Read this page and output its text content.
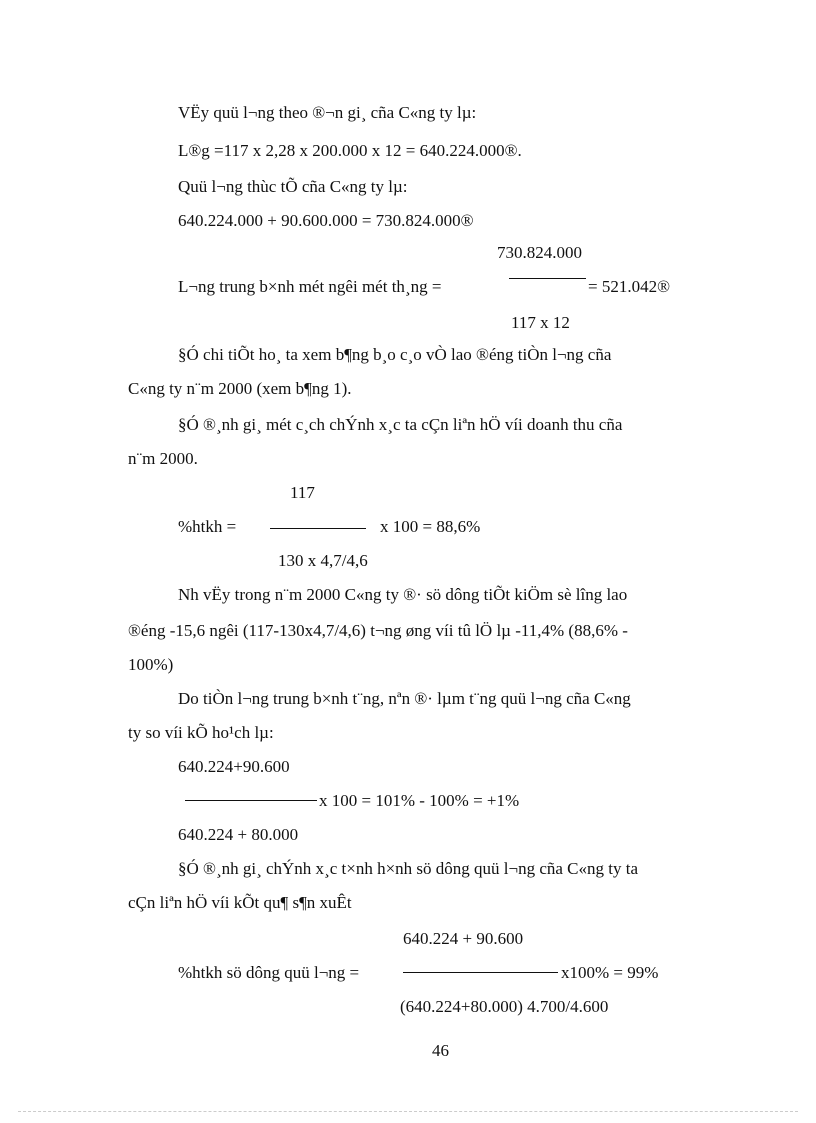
VËy quü l¬ng theo ®¬n gi¸ cña C«ng ty lµ:
L®g =117 x 2,28 x 200.000 x 12 = 640.224.000®.
Quü l¬ng thùc tÕ cña C«ng ty lµ:
640.224.000 + 90.600.000 = 730.824.000®
730.824.000
L¬ng trung b×nh mét ngêi mét th¸ng =	= 521.042®
117 x 12
§Ó chi tiÕt ho¸ ta xem b¶ng b¸o c¸o vÒ lao ®éng tiÒn l¬ng cña
C«ng ty n¨m 2000 (xem b¶ng 1).
§Ó ®¸nh gi¸ mét c¸ch chÝnh x¸c ta cÇn liªn hÖ víi doanh thu cña
n¨m 2000.
117
%htkh =	x 100 = 88,6%
130 x 4,7/4,6
Nh vËy trong n¨m 2000 C«ng ty ®· sö dông tiÕt kiÖm sè lîng lao
®éng -15,6 ngêi (117-130x4,7/4,6) t¬ng øng víi tû lÖ lµ -11,4% (88,6% -
100%)
Do tiÒn l¬ng trung b×nh t¨ng, nªn ®· lµm t¨ng quü l¬ng cña C«ng
ty so víi kÕ ho¹ch lµ:
640.224+90.600
x 100 = 101% - 100% = +1%
640.224 + 80.000
§Ó ®¸nh gi¸ chÝnh x¸c t×nh h×nh sö dông quü l¬ng cña C«ng ty ta
cÇn liªn hÖ víi kÕt qu¶ s¶n xuÊt
640.224 + 90.600
%htkh sö dông quü l¬ng =	x100% = 99%
(640.224+80.000) 4.700/4.600
46
